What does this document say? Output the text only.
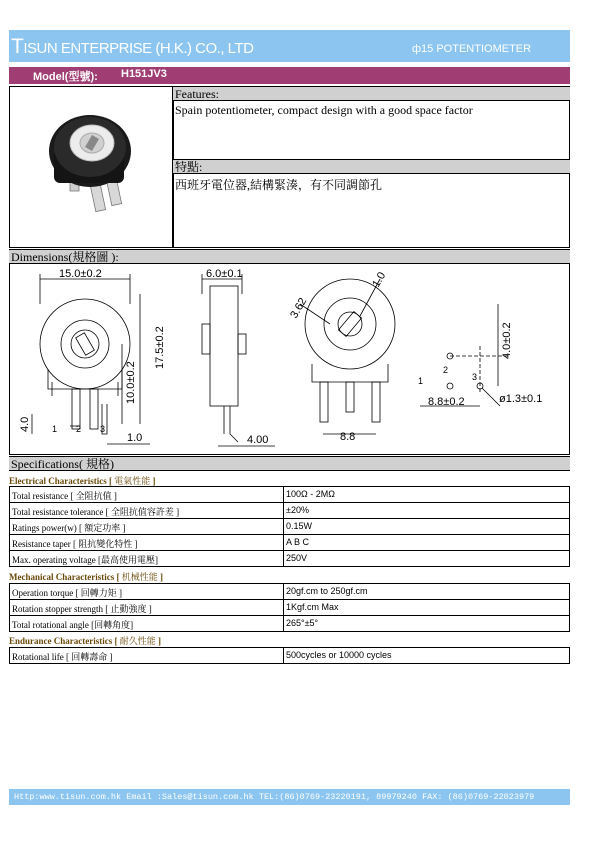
TISUN ENTERPRISE (H.K.) CO., LTD	ф15 POTENTIOMETER
Model(型號): H151JV3
Features:
Spain potentiometer, compact design with a good space factor
特點:
西班牙電位器,結構緊湊，有不同調節孔
Dimensions(規格圖 ):
15.0±0.2
17.5±0.2
10.0±0.2
4.0 1 2 3
1.0
6.0±0.1
4.00
3.62
1.0
8.8
2
1	3
4.0±0.2
8.8±0.2	ø1.3±0.1
Specifications( 規格)
Electrical Characteristics [ 電氣性能 ]
Total resistance [ 全阻抗值 ]	100Ω - 2MΩ
Total resistance tolerance [ 全阻抗值容許差 ]	±20%
Ratings power(w) [ 額定功率 ]	0.15W
Resistance taper [ 阻抗變化特性 ]	A B C
Max. operating voltage [最高使用電壓]	250V
Mechanical Characteristics [ 机械性能 ]
Operation torque [ 回轉力矩 ]	20gf.cm to 250gf.cm
Rotation stopper strength [ 止動強度 ]	1Kgf.cm Max
Total rotational angle [回轉角度]	265°±5°
Endurance Characteristics [ 耐久性能 ]
Rotational life [ 回轉壽命 ]	500cycles or 10000 cycles
Http:www.tisun.com.hk Email :Sales@tisun.com.hk TEL:(86)0769-23220191, 89979240 FAX: (86)0769-22023979
